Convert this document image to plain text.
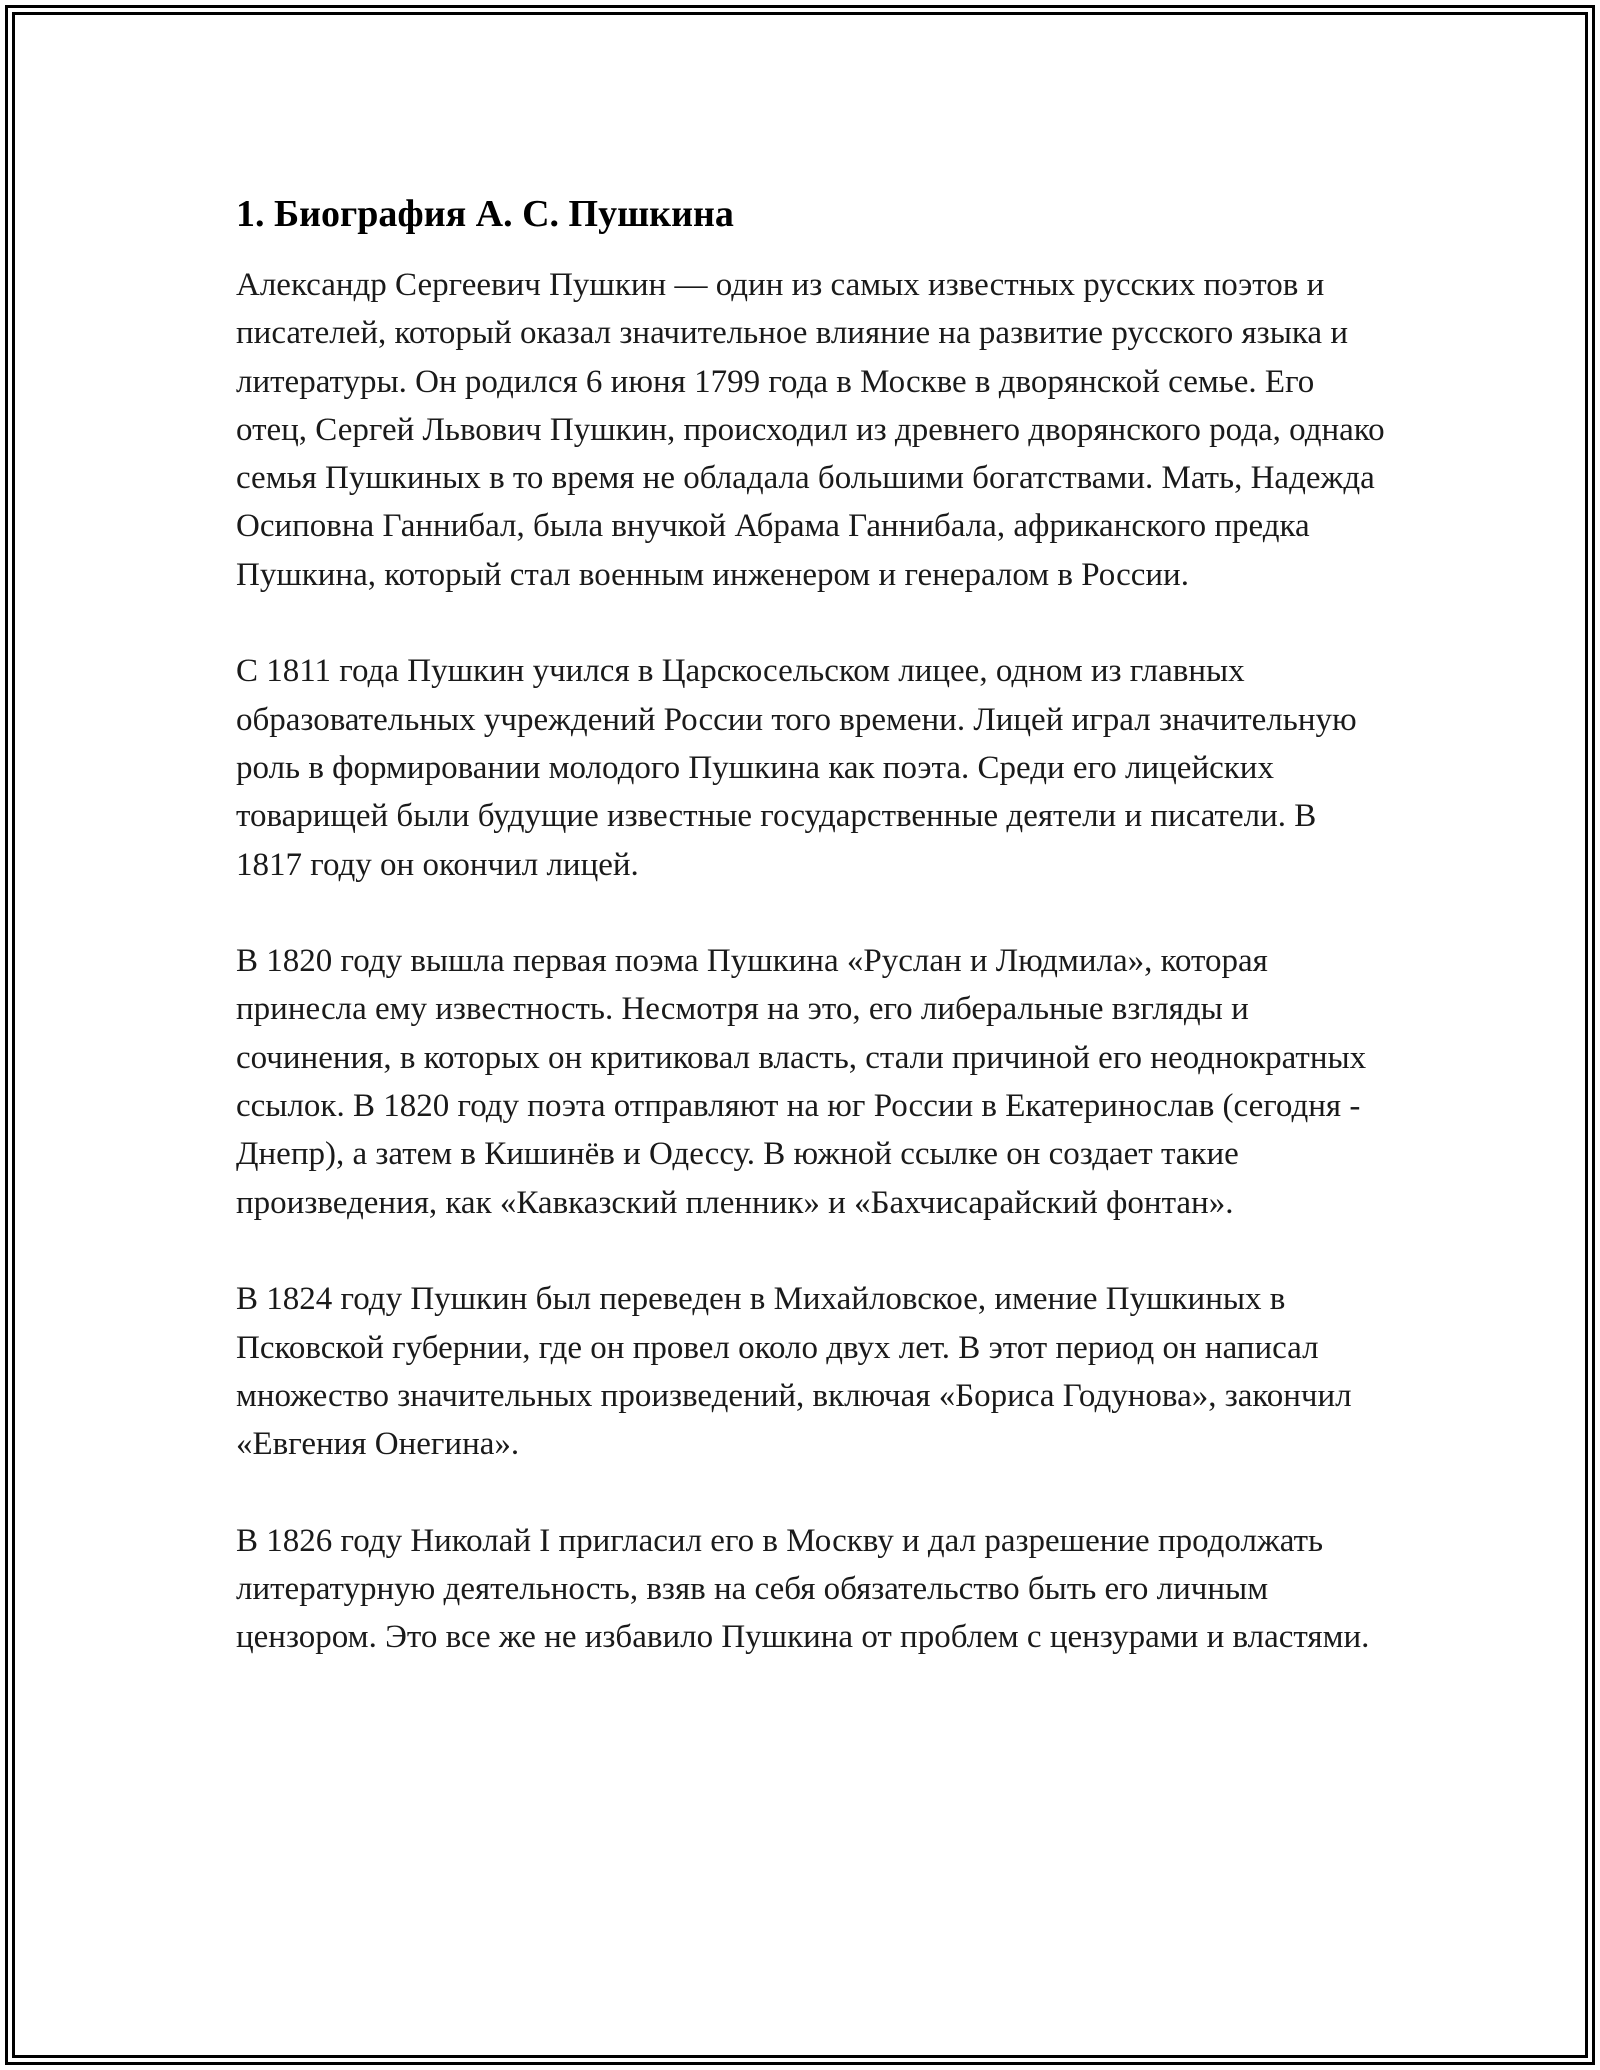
1. Биография А. С. Пушкина

Александр Сергеевич Пушкин — один из самых известных русских поэтов и писателей, который оказал значительное влияние на развитие русского языка и литературы. Он родился 6 июня 1799 года в Москве в дворянской семье. Его отец, Сергей Львович Пушкин, происходил из древнего дворянского рода, однако семья Пушкиных в то время не обладала большими богатствами. Мать, Надежда Осиповна Ганнибал, была внучкой Абрама Ганнибала, африканского предка Пушкина, который стал военным инженером и генералом в России.

С 1811 года Пушкин учился в Царскосельском лицее, одном из главных образовательных учреждений России того времени. Лицей играл значительную роль в формировании молодого Пушкина как поэта. Среди его лицейских товарищей были будущие известные государственные деятели и писатели. В 1817 году он окончил лицей.

В 1820 году вышла первая поэма Пушкина «Руслан и Людмила», которая принесла ему известность. Несмотря на это, его либеральные взгляды и сочинения, в которых он критиковал власть, стали причиной его неоднократных ссылок. В 1820 году поэта отправляют на юг России в Екатеринослав (сегодня - Днепр), а затем в Кишинёв и Одессу. В южной ссылке он создает такие произведения, как «Кавказский пленник» и «Бахчисарайский фонтан».

В 1824 году Пушкин был переведен в Михайловское, имение Пушкиных в Псковской губернии, где он провел около двух лет. В этот период он написал множество значительных произведений, включая «Бориса Годунова», закончил «Евгения Онегина».

В 1826 году Николай I пригласил его в Москву и дал разрешение продолжать литературную деятельность, взяв на себя обязательство быть его личным цензором. Это все же не избавило Пушкина от проблем с цензурами и властями.
